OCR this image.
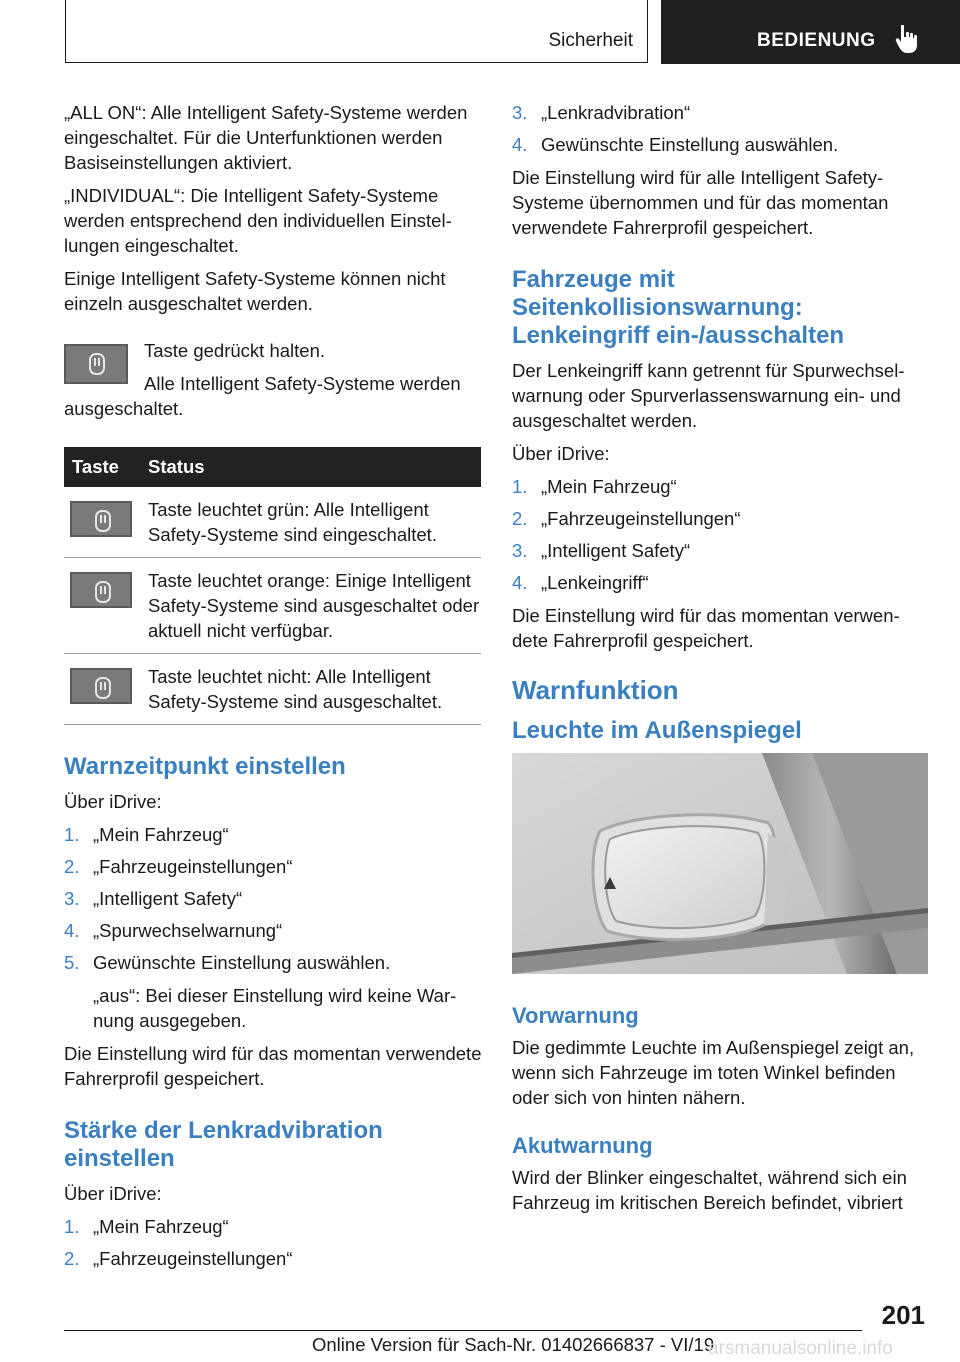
Sicherheit	BEDIENUNG

„ALL ON“: Alle Intelligent Safety-Systeme werden eingeschaltet. Für die Unterfunktionen werden Basiseinstellungen aktiviert.

„INDIVIDUAL“: Die Intelligent Safety-Systeme werden entsprechend den individuellen Einstellungen eingeschaltet.

Einige Intelligent Safety-Systeme können nicht einzeln ausgeschaltet werden.

Taste gedrückt halten.

Alle Intelligent Safety-Systeme werden ausgeschaltet.

Taste	Status

	Taste leuchtet grün: Alle Intelligent Safety-Systeme sind eingeschaltet.

	Taste leuchtet orange: Einige Intelligent Safety-Systeme sind ausgeschaltet oder aktuell nicht verfügbar.

	Taste leuchtet nicht: Alle Intelligent Safety-Systeme sind ausgeschaltet.
Warnzeitpunkt einstellen

Über iDrive:

1. „Mein Fahrzeug“
2. „Fahrzeugeinstellungen“
3. „Intelligent Safety“
4. „Spurwechselwarnung“
5. Gewünschte Einstellung auswählen.

„aus“: Bei dieser Einstellung wird keine Warnung ausgegeben.

Die Einstellung wird für das momentan verwendete Fahrerprofil gespeichert.

Stärke der Lenkradvibration einstellen

Über iDrive:

1. „Mein Fahrzeug“
2. „Fahrzeugeinstellungen“
3. „Lenkradvibration“
4. Gewünschte Einstellung auswählen.

Die Einstellung wird für alle Intelligent Safety-Systeme übernommen und für das momentan verwendete Fahrerprofil gespeichert.

Fahrzeuge mit Seitenkollisionswarnung: Lenkeingriff ein-/ausschalten

Der Lenkeingriff kann getrennt für Spurwechselwarnung oder Spurverlassenswarnung ein- und ausgeschaltet werden.

Über iDrive:

1. „Mein Fahrzeug“
2. „Fahrzeugeinstellungen“
3. „Intelligent Safety“
4. „Lenkeingriff“

Die Einstellung wird für das momentan verwendete Fahrerprofil gespeichert.

Warnfunktion
Leuchte im Außenspiegel
Vorwarnung

Die gedimmte Leuchte im Außenspiegel zeigt an, wenn sich Fahrzeuge im toten Winkel befinden oder sich von hinten nähern.

Akutwarnung

Wird der Blinker eingeschaltet, während sich ein Fahrzeug im kritischen Bereich befindet, vibriert

201
Online Version für Sach-Nr. 01402666837 - VI/19
arsmanualsonline.info
